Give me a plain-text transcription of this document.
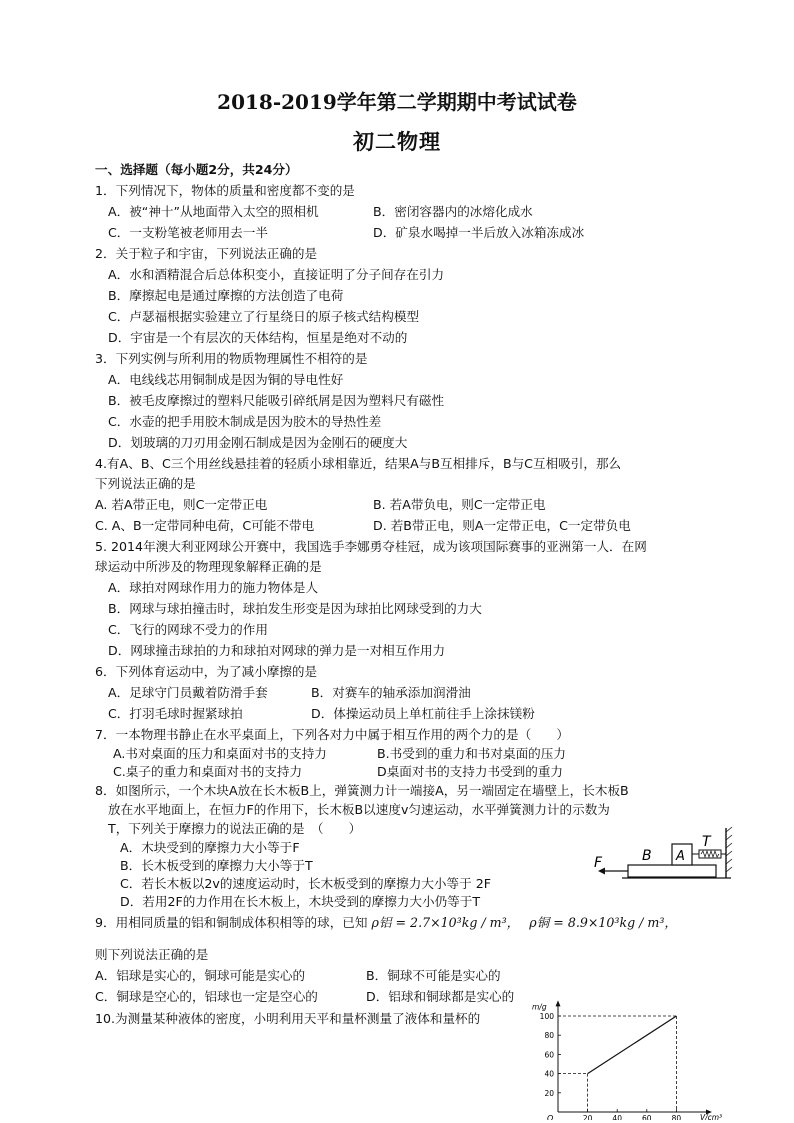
2018-2019学年第二学期期中考试试卷
初二物理
一、选择题（每小题2分，共24分）
1．下列情况下，物体的质量和密度都不变的是
A．被“神十”从地面带入太空的照相机	B．密闭容器内的冰熔化成水
C．一支粉笔被老师用去一半	D．矿泉水喝掉一半后放入冰箱冻成冰
2．关于粒子和宇宙，下列说法正确的是
A．水和酒精混合后总体积变小，直接证明了分子间存在引力
B．摩擦起电是通过摩擦的方法创造了电荷
C．卢瑟福根据实验建立了行星绕日的原子核式结构模型
D．宇宙是一个有层次的天体结构，恒星是绝对不动的
3．下列实例与所利用的物质物理属性不相符的是
A．电线线芯用铜制成是因为铜的导电性好
B．被毛皮摩擦过的塑料尺能吸引碎纸屑是因为塑料尺有磁性
C．水壶的把手用胶木制成是因为胶木的导热性差
D．划玻璃的刀刃用金刚石制成是因为金刚石的硬度大
4.有A、B、C三个用丝线悬挂着的轻质小球相靠近，结果A与B互相排斥，B与C互相吸引，那么
下列说法正确的是
A. 若A带正电，则C一定带正电	B. 若A带负电，则C一定带正电
C. A、B一定带同种电荷，C可能不带电	D. 若B带正电，则A一定带正电，C一定带负电
5. 2014年澳大利亚网球公开赛中，我国选手李娜勇夺桂冠，成为该项国际赛事的亚洲第一人．在网
球运动中所涉及的物理现象解释正确的是
A．球拍对网球作用力的施力物体是人
B．网球与球拍撞击时，球拍发生形变是因为球拍比网球受到的力大
C．飞行的网球不受力的作用
D．网球撞击球拍的力和球拍对网球的弹力是一对相互作用力
6．下列体育运动中，为了减小摩擦的是
A．足球守门员戴着防滑手套	B．对赛车的轴承添加润滑油
C．打羽毛球时握紧球拍	D．体操运动员上单杠前往手上涂抹镁粉
7．一本物理书静止在水平桌面上，下列各对力中属于相互作用的两个力的是（　　）
A.书对桌面的压力和桌面对书的支持力	B.书受到的重力和书对桌面的压力
C.桌子的重力和桌面对书的支持力	D桌面对书的支持力书受到的重力
8．如图所示，一个木块A放在长木板B上，弹簧测力计一端接A，另一端固定在墙壁上，长木板B
放在水平地面上，在恒力F的作用下，长木板B以速度v匀速运动，水平弹簧测力计的示数为
T，下列关于摩擦力的说法正确的是　（　　）
A．木块受到的摩擦力大小等于F
B．长木板受到的摩擦力大小等于T
C．若长木板以2v的速度运动时，长木板受到的摩擦力大小等于 2F
D．若用2F的力作用在长木板上，木块受到的摩擦力大小仍等于T
B A
T
F
9．用相同质量的铝和铜制成体积相等的球，已知 ρ铝 = 2.7×10³kg / m³， ρ铜 = 8.9×10³kg / m³，
则下列说法正确的是
A．铝球是实心的，铜球可能是实心的	B．铜球不可能是实心的
C．铜球是空心的，铝球也一定是空心的	D．铝球和铜球都是实心的
10.为测量某种液体的密度，小明利用天平和量杯测量了液体和量杯的
m/g
V/cm³
O
20
40
60
80
100
20	40	60	80
